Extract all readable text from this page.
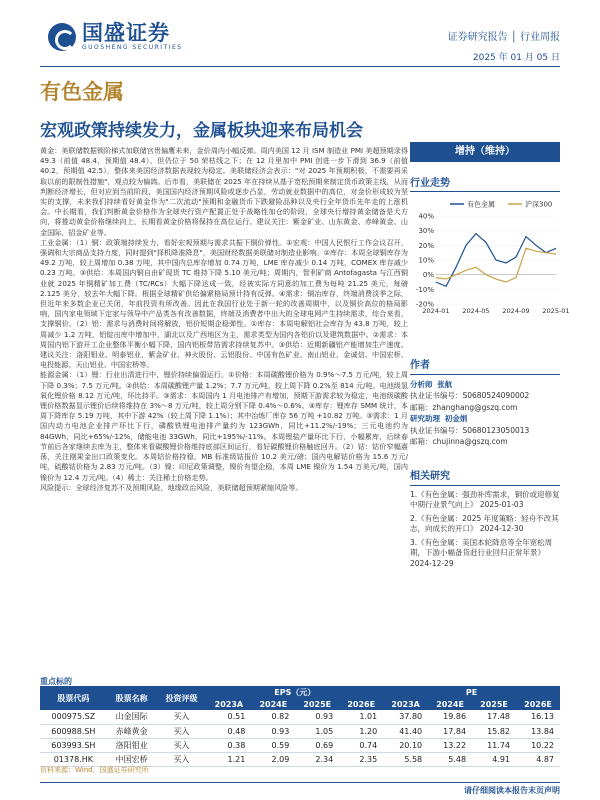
国盛证券
GUOSHENG SECURITIES
证券研究报告 │ 行业周报
2025 年 01 月 05 日
有色金属
宏观政策持续发力，金属板块迎来布局机会

黄金：美联储数据锁阶梯式加联储宫贵偏鹰未来，金价周内小幅反弹。周内美国 12 月 ISM 制造业 PMI 美超预期录得 49.3（前值 48.4，预期值 48.4），但仍位于 50 荣枯线之下；在 12 月里加中 PMI 创进一步下滑到 36.9（前值 40.2，预期值 42.5），整体来美国经济数据表现较为稳定。美联储经济会表示："对 2025 年预期积极，不需要再采取以前的限制性措施"，观点较为偏鸽。后市看，美联储在 2025 年在持续从基于宽松预期来制定货币政策主线，从而判断经济增长，但对应到当前阶段，美国国内经济预期风险或逐步凸显，劳动就业数据中的高位，对金价形成较为坚实的支撑，未来我们持续看好黄金作为"二次流动"预期和金融货币下跌避险品种以及央行全年货币先年走的上涨机会。中长期看，我们判断黄金价格作为全球央行资产配置正处于战略性加仓的阶段，全球央行增持黄金储备是大方向，将推动黄金价格继续向上，长期看黄金价格将保持在高位运行。建议关注：紫金矿业、山东黄金、赤峰黄金、山金国际、招金矿业等。

工业金属：（1）铜：政策端持续发力，看好宏观预期与需求共振下铜价弹性。①宏观：中国人民银行工作会议召开，强调和大宗商品支持力度，同时提到"择机降准降息"，美国财经数据美联储对制造业影响。②库存：本周全球铜库存为 49.2 万吨，较上周增加 0.38 万吨，其中国内总库存增加 0.74 万吨，LME 库存减少 0.14 万吨，COMEX 库存减少 0.23 万吨。③供给：本周国内铜自由矿现货 TC 维持下降 5.10 美元/吨；周期内，智利矿商 Antofagasta 与江西铜业就 2025 年铜精矿加工费（TC/RCs）大幅下降达成一致，经被实际方同意的加工费为每吨 21.25 美元，每磅 2.125 美分，较去年大幅下降。根据全球精矿供给偏紧格局预计持有反弹。④需求：铜冶库存，终端消费淡季之际，但近年来多数企业已关闭，年前投资有所改善。因此在我国行业处于新一轮的改善周期中，以及铜价高位的格局影响，国内家电领域下定家与领导中产品类各有改善数据，终端及消费者中出大的全球电网产生持续需求，综合来看，支撑铜价。（2）铝：需求与消费时间将解放，铝价短期企稳弹性。①库存：本周电解铝社会库存为 43.8 万吨，较上周减少 1.2 万吨，铝锭出库中增加中，湖北以及广西地区为主，需求类型为国内各铝价以及建筑数据中。②需求：本周国内铝下游开工企业整体平衡小幅下降，国内铝板带箔需求持续复苏中。③供给：近期新疆铝产能增加生产速度。建议关注：洛阳钼业、明泰铝业、紫金矿业、神火股份、云铝股份、中国有色矿业、南山铝业、金诚信、中国宏桥、电投能源、天山铝业、中国宏桥等。

能源金属：（1）锂：行业出清进行中，锂价持续偏弱运行。①价格：本周碳酸锂价格为 0.9%～7.5 万元/吨，较上周下降 0.3%；7.5 万元/吨。②供给：本周碳酸锂产量 1.2%；7.7 万元/吨，较上周下降 0.2%至 814 元/吨。电池级氢氧化锂价格 8.12 万元/吨，环比持平。③需求：本周国内 1 月电池排产有增加，预期下游需求较为稳定，电池级碳酸锂价格数据显示锂价后续将维持在 3%～8 万元/吨，较上周分别下降 0.4%～0.6%。④库存：锂库存 SMM 统计，本周下降库存 5.19 万吨，其中下游 42%（较上周下降 1.1%）；其中冶炼厂库存 56 万吨 +10.82 万吨。⑤需求：1 月国内动力电池企业排产环比下行，磷酸铁锂电池排产量约为 123GWh，同比+11.2%/-19%；三元电池约为 84GWh，同比+65%/-12%，储能电池 33GWh，同比+195%/-11%。本周锂盐产量环比下行，小幅累库，后续春节前后各家继续去库为主，整体来看碳酸锂价格维持底部区间运行，看好碳酸锂价格触底回升。（2）钴：钴价窄幅震荡，关注刚果金出口政策变化。本周钴价格持稳，MB 标准级钴报价 10.2 美元/磅；国内电解钴价格为 15.6 万元/吨，硫酸钴价格为 2.83 万元/吨。（3）镍：印尼政策调整，镍价有望企稳，本周 LME 镍价为 1.54 万美元/吨，国内镍价为 12.4 万元/吨。（4）稀土：关注稀土价格走势。

风险提示：全球经济复苏不及预期风险，地缘政治风险，美联储超预期紧缩风险等。

增持（维持）
行业走势
40%
30%
20%
10%
0%
-10%
-20%
2024-01 2024-05 2024-09 2025-01
有色金属	沪深300
作者
分析师 张航
执业证书编号：S0680524090002
邮箱：zhanghang@gszq.com
研究助理 初金娟
执业证书编号：S0680123050013
邮箱：chujinna@gszq.com
相关研究
1.《有色金属：强劲补库需求，铜价或迎修复中期行业景气向上》 2025-01-03
2.《有色金属：2025 年度策略：轻舟不改其志，向成长的开口》 2024-12-30
3.《有色金属：美国本轮降息等全年宽松周期，下游小幅备货赶行业回归正常年景》 2024-12-29
重点标的
股票代码	股票名称	投资评级	EPS（元）				PE			
			2023A	2024E	2025E	2026E	2023A	2024E	2025E	2026E
000975.SZ	山金国际	买入	0.51	0.82	0.93	1.01	37.80	19.86	17.48	16.13
600988.SH	赤峰黄金	买入	0.48	0.93	1.05	1.20	41.40	17.84	15.82	13.84
603993.SH	洛阳钼业	买入	0.38	0.59	0.69	0.74	20.10	13.22	11.74	10.22
01378.HK	中国宏桥	买入	1.21	2.09	2.34	2.35	5.58	5.48	4.91	4.87
资料来源：Wind，国盛证券研究所
请仔细阅读本报告末页声明
